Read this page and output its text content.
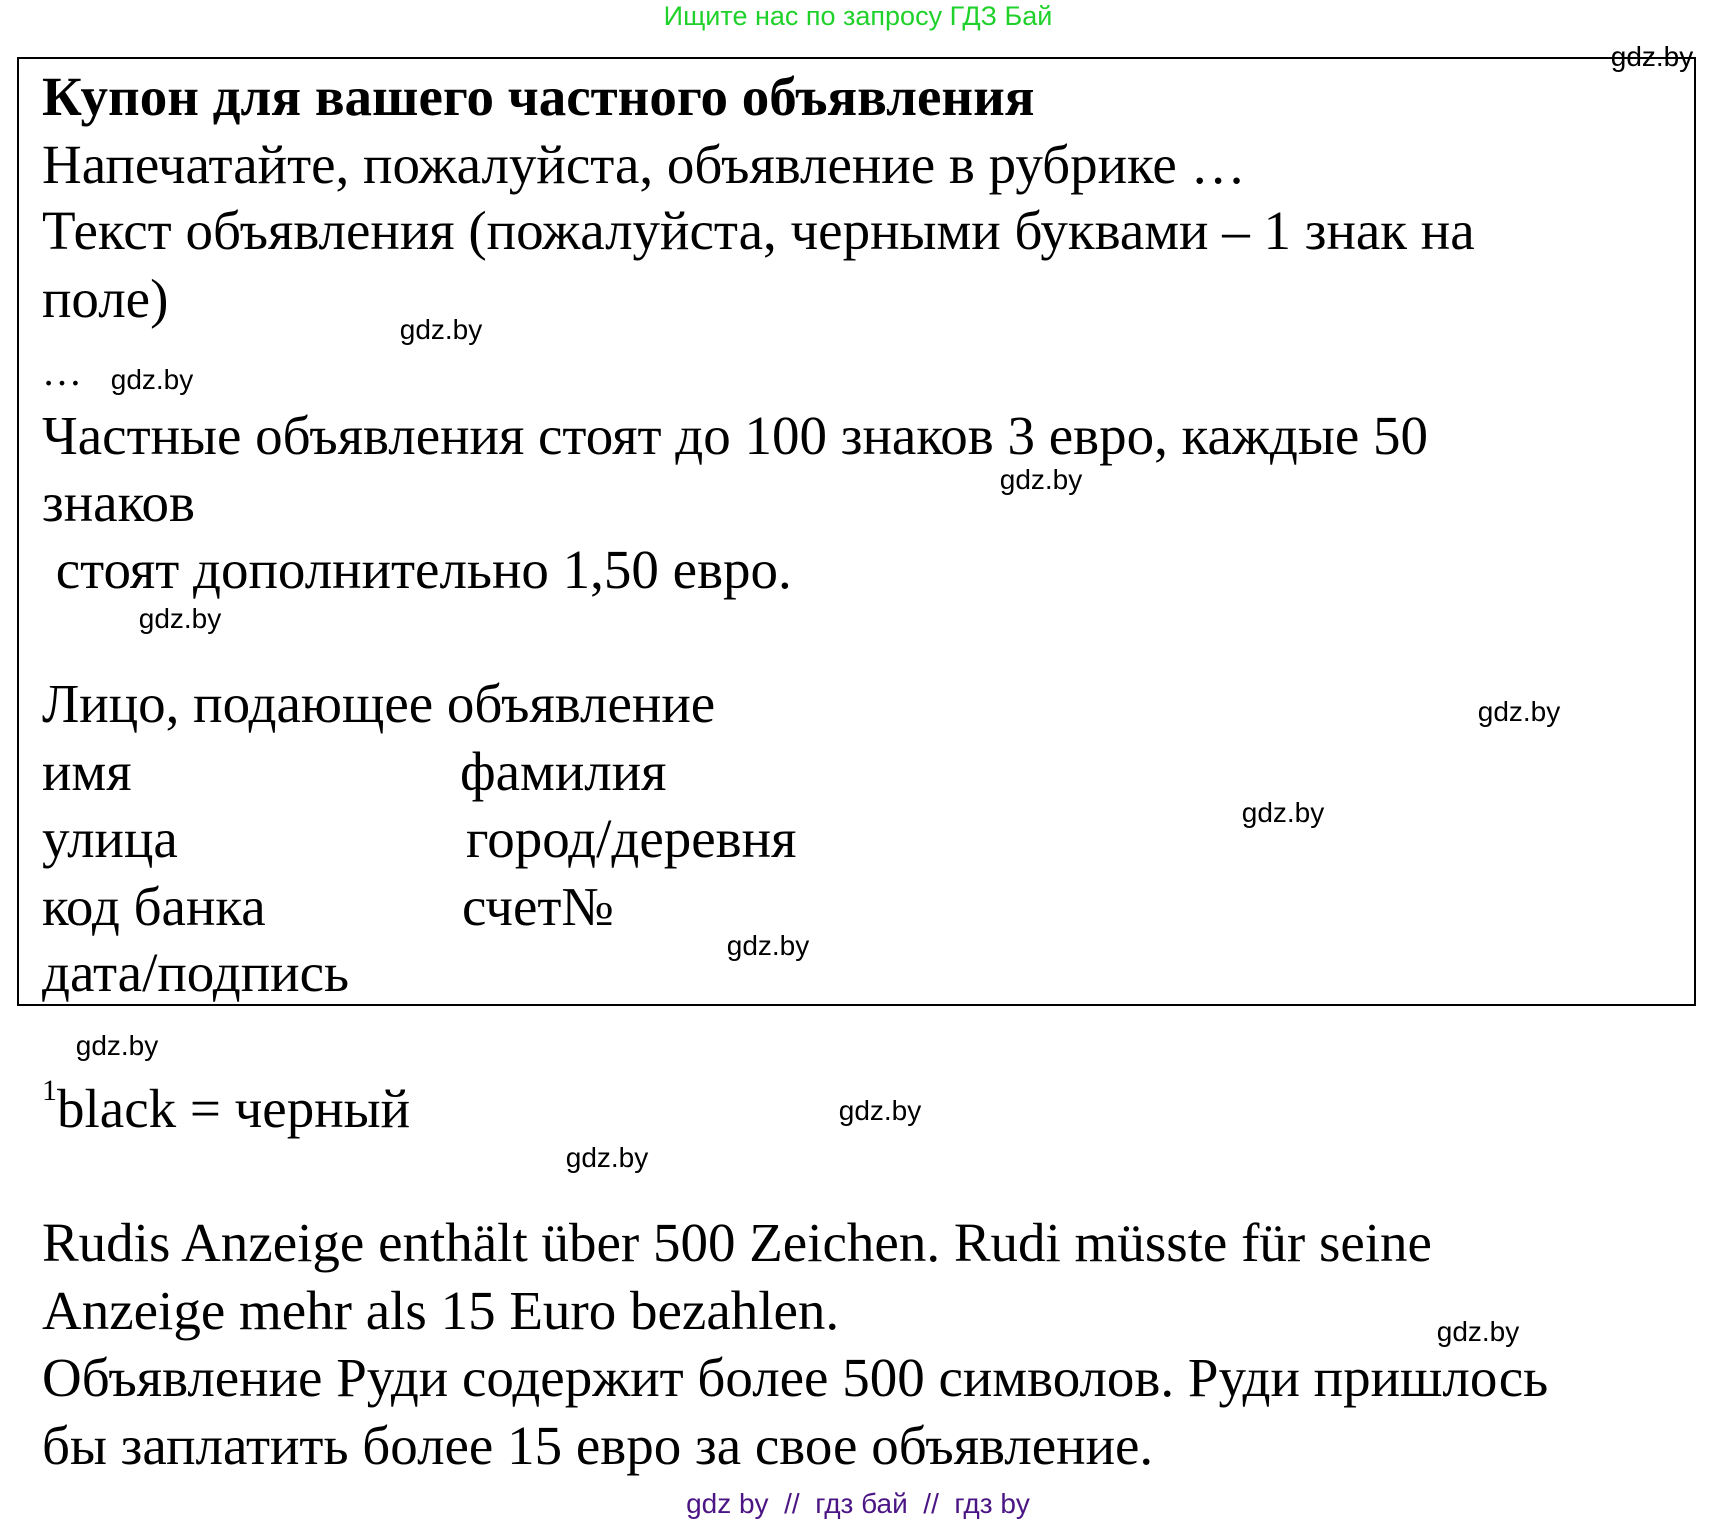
Ищите нас по запросу ГДЗ Бай
Купон для вашего частного объявления
Напечатайте, пожалуйста, объявление в рубрике …
Текст объявления (пожалуйста, черными буквами – 1 знак на
поле)
…
Частные объявления стоят до 100 знаков 3 евро, каждые 50
знаков
стоят дополнительно 1,50 евро.
Лицо, подающее объявление
имя	фамилия
улица	город/деревня
код банка	счет№
дата/подпись
$^1$black = черный
Rudis Anzeige enthält über 500 Zeichen. Rudi müsste für seine
Anzeige mehr als 15 Euro bezahlen.
Объявление Руди содержит более 500 символов. Руди пришлось
бы заплатить более 15 евро за свое объявление.
gdz.by
gdz.by
gdz.by
gdz.by
gdz.by
gdz.by
gdz.by
gdz.by
gdz.by
gdz.by
gdz.by
gdz.by
gdz by  //  гдз бай  //  гдз by
